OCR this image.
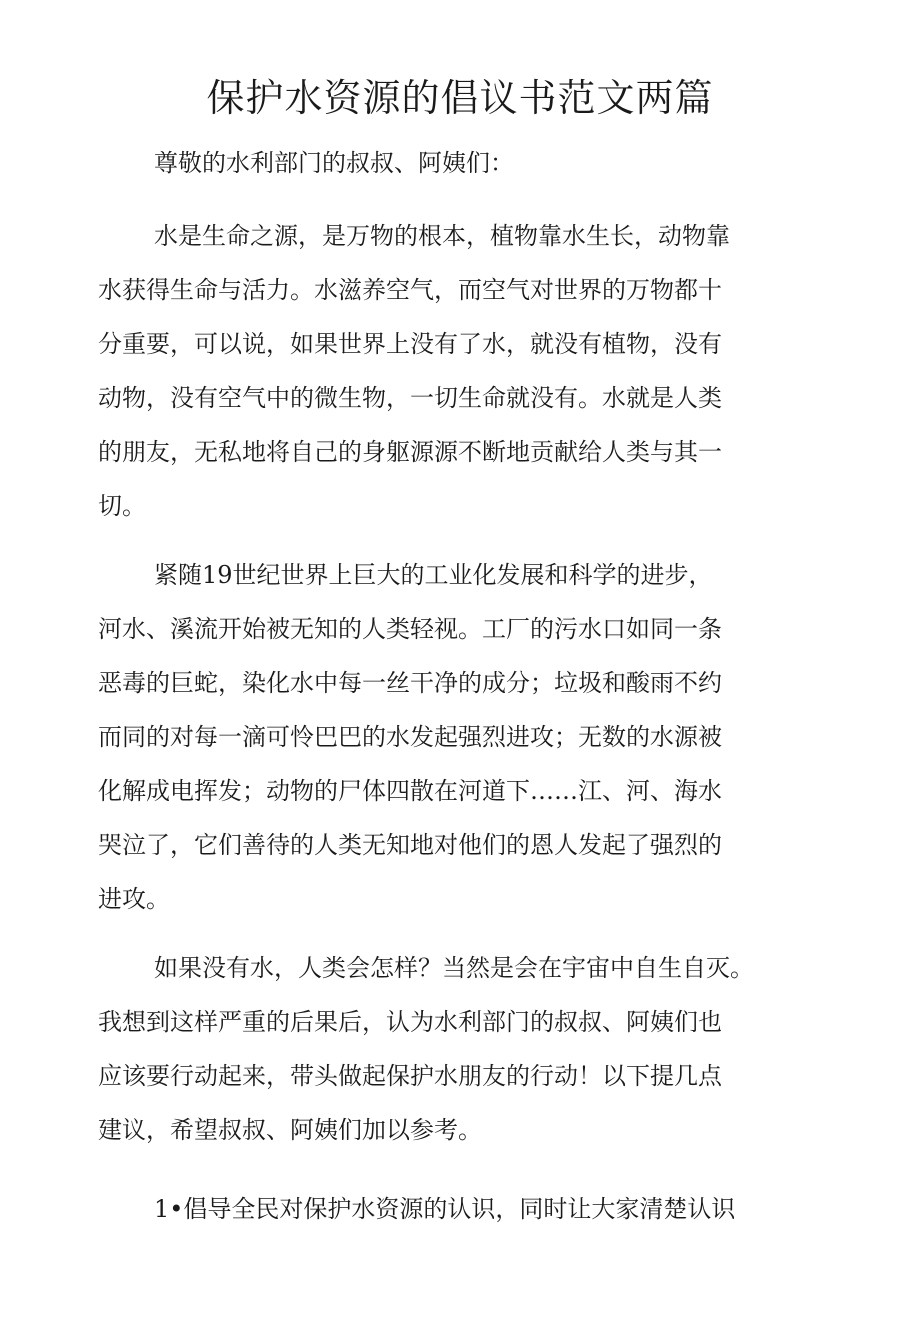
保护水资源的倡议书范文两篇

尊敬的水利部门的叔叔、阿姨们：

水是生命之源，是万物的根本，植物靠水生长，动物靠

水获得生命与活力。水滋养空气，而空气对世界的万物都十

分重要，可以说，如果世界上没有了水，就没有植物，没有

动物，没有空气中的微生物，一切生命就没有。水就是人类

的朋友，无私地将自己的身躯源源不断地贡献给人类与其一

切。

紧随19世纪世界上巨大的工业化发展和科学的进步，

河水、溪流开始被无知的人类轻视。工厂的污水口如同一条

恶毒的巨蛇，染化水中每一丝干净的成分；垃圾和酸雨不约

而同的对每一滴可怜巴巴的水发起强烈进攻；无数的水源被

化解成电挥发；动物的尸体四散在河道下……江、河、海水

哭泣了，它们善待的人类无知地对他们的恩人发起了强烈的

进攻。

如果没有水，人类会怎样？当然是会在宇宙中自生自灭。

我想到这样严重的后果后，认为水利部门的叔叔、阿姨们也

应该要行动起来，带头做起保护水朋友的行动！以下提几点

建议，希望叔叔、阿姨们加以参考。

1•倡导全民对保护水资源的认识，同时让大家清楚认识
